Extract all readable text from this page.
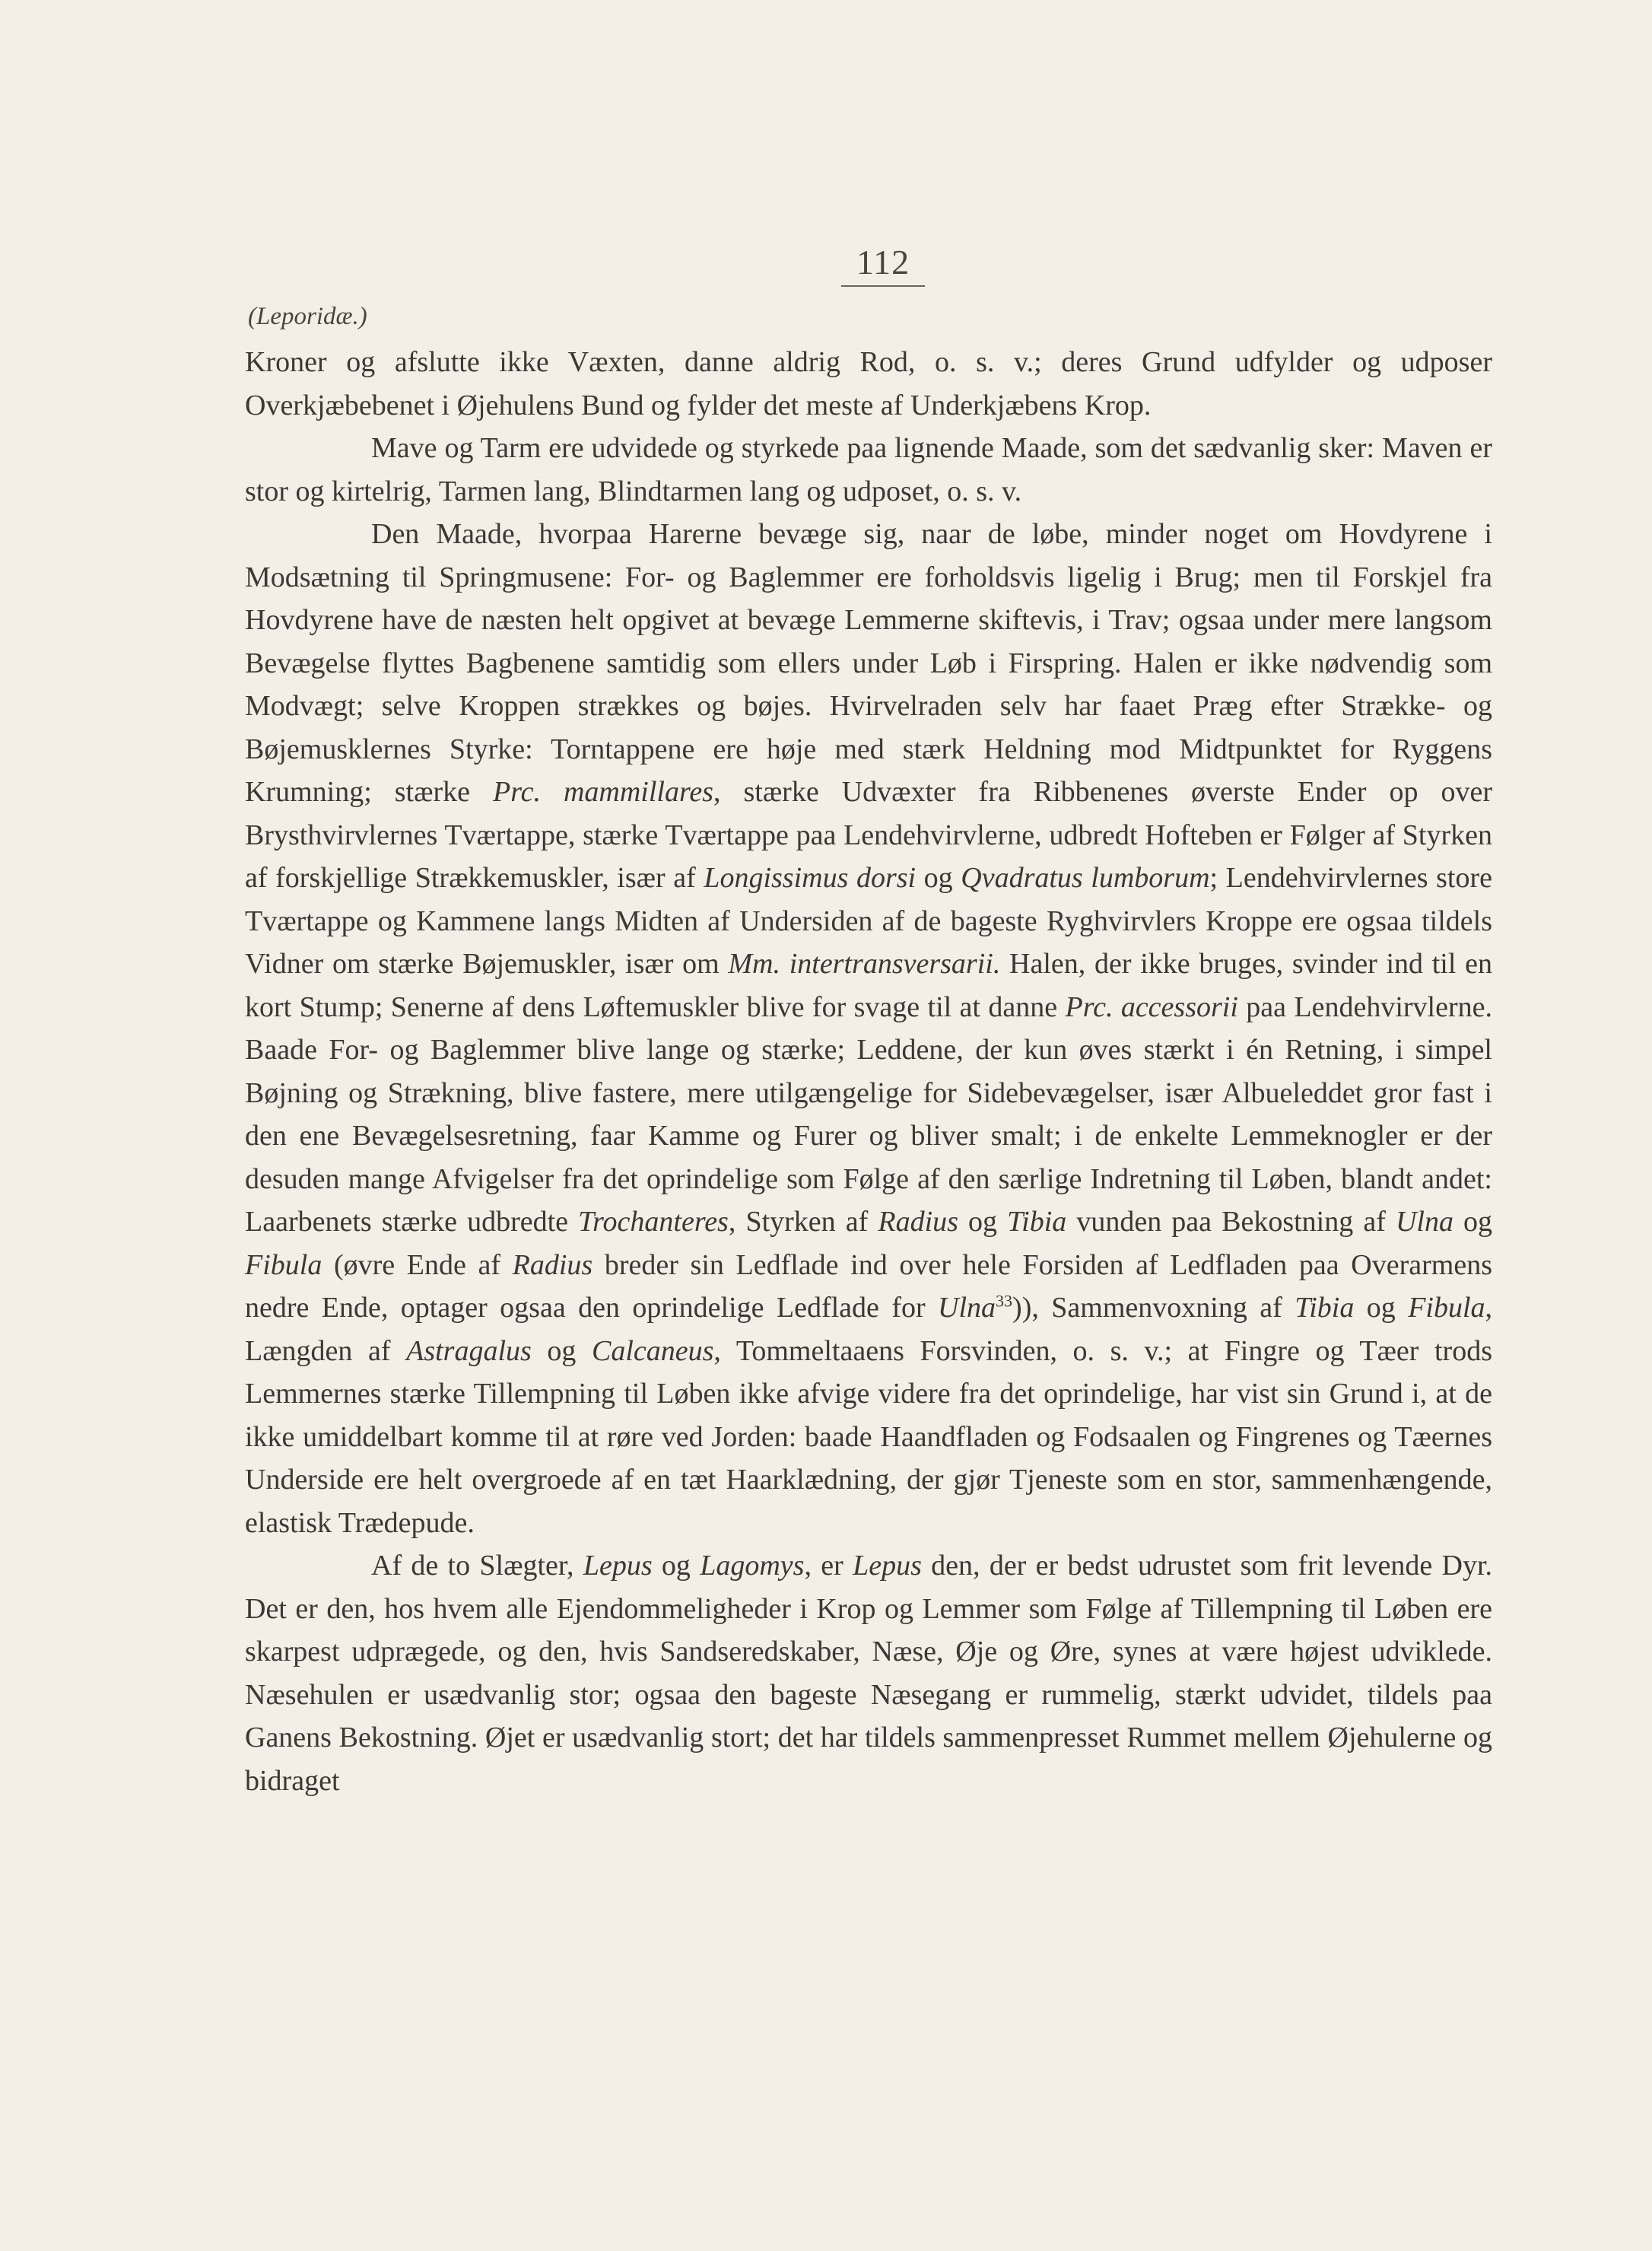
112
(Leporidæ.)

Kroner og afslutte ikke Væxten, danne aldrig Rod, o. s. v.; deres Grund udfylder og udposer Overkjæbebenet i Øjehulens Bund og fylder det meste af Underkjæbens Krop.

Mave og Tarm ere udvidede og styrkede paa lignende Maade, som det sædvanlig sker: Maven er stor og kirtelrig, Tarmen lang, Blindtarmen lang og udposet, o. s. v.

Den Maade, hvorpaa Harerne bevæge sig, naar de løbe, minder noget om Hovdyrene i Modsætning til Springmusene: For- og Baglemmer ere forholdsvis ligelig i Brug; men til Forskjel fra Hovdyrene have de næsten helt opgivet at bevæge Lemmerne skiftevis, i Trav; ogsaa under mere langsom Bevægelse flyttes Bagbenene samtidig som ellers under Løb i Firspring. Halen er ikke nødvendig som Modvægt; selve Kroppen strækkes og bøjes. Hvirvelraden selv har faaet Præg efter Strække- og Bøjemusklernes Styrke: Torntappene ere høje med stærk Heldning mod Midtpunktet for Ryggens Krumning; stærke Prc. mammillares, stærke Udvæxter fra Ribbenenes øverste Ender op over Brysthvirvlernes Tværtappe, stærke Tværtappe paa Lendehvirvlerne, udbredt Hofteben er Følger af Styrken af forskjellige Strækkemuskler, især af Longissimus dorsi og Qvadratus lumborum; Lendehvirvlernes store Tværtappe og Kammene langs Midten af Undersiden af de bageste Ryghvirvlers Kroppe ere ogsaa tildels Vidner om stærke Bøjemuskler, især om Mm. intertransversarii. Halen, der ikke bruges, svinder ind til en kort Stump; Senerne af dens Løftemuskler blive for svage til at danne Prc. accessorii paa Lendehvirvlerne. Baade For- og Baglemmer blive lange og stærke; Leddene, der kun øves stærkt i én Retning, i simpel Bøjning og Strækning, blive fastere, mere utilgængelige for Sidebevægelser, især Albueleddet gror fast i den ene Bevægelsesretning, faar Kamme og Furer og bliver smalt; i de enkelte Lemmeknogler er der desuden mange Afvigelser fra det oprindelige som Følge af den særlige Indretning til Løben, blandt andet: Laarbenets stærke udbredte Trochanteres, Styrken af Radius og Tibia vunden paa Bekostning af Ulna og Fibula (øvre Ende af Radius breder sin Ledflade ind over hele Forsiden af Ledfladen paa Overarmens nedre Ende, optager ogsaa den oprindelige Ledflade for Ulna$^{33}$)), Sammenvoxning af Tibia og Fibula, Længden af Astragalus og Calcaneus, Tommeltaaens Forsvinden, o. s. v.; at Fingre og Tæer trods Lemmernes stærke Tillempning til Løben ikke afvige videre fra det oprindelige, har vist sin Grund i, at de ikke umiddelbart komme til at røre ved Jorden: baade Haandfladen og Fodsaalen og Fingrenes og Tæernes Underside ere helt overgroede af en tæt Haarklædning, der gjør Tjeneste som en stor, sammenhængende, elastisk Trædepude.

Af de to Slægter, Lepus og Lagomys, er Lepus den, der er bedst udrustet som frit levende Dyr. Det er den, hos hvem alle Ejendommeligheder i Krop og Lemmer som Følge af Tillempning til Løben ere skarpest udprægede, og den, hvis Sandseredskaber, Næse, Øje og Øre, synes at være højest udviklede. Næsehulen er usædvanlig stor; ogsaa den bageste Næsegang er rummelig, stærkt udvidet, tildels paa Ganens Bekostning. Øjet er usædvanlig stort; det har tildels sammenpresset Rummet mellem Øjehulerne og bidraget
